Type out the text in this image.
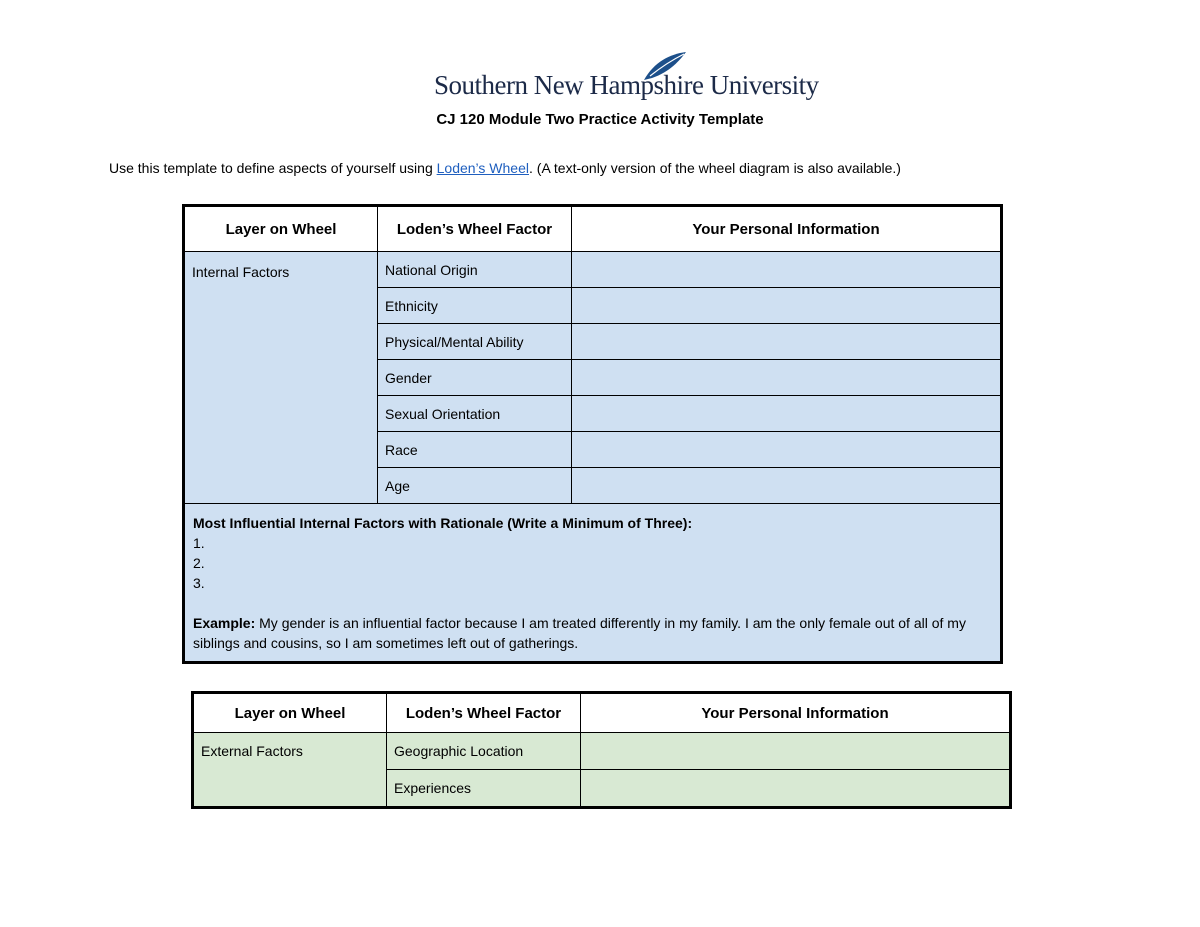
Southern New Hampshire University
CJ 120 Module Two Practice Activity Template
Use this template to define aspects of yourself using Loden’s Wheel. (A text-only version of the wheel diagram is also available.)
Layer on Wheel	Loden’s Wheel Factor	Your Personal Information
Internal Factors	National Origin	
	Ethnicity	
	Physical/Mental Ability	
	Gender	
	Sexual Orientation	
	Race	
	Age	

Most Influential Internal Factors with Rationale (Write a Minimum of Three):
1.
2.
3.
Example: My gender is an influential factor because I am treated differently in my family. I am the only female out of all of my siblings and cousins, so I am sometimes left out of gatherings.		
Layer on Wheel	Loden’s Wheel Factor	Your Personal Information
External Factors	Geographic Location	
	Experiences	
